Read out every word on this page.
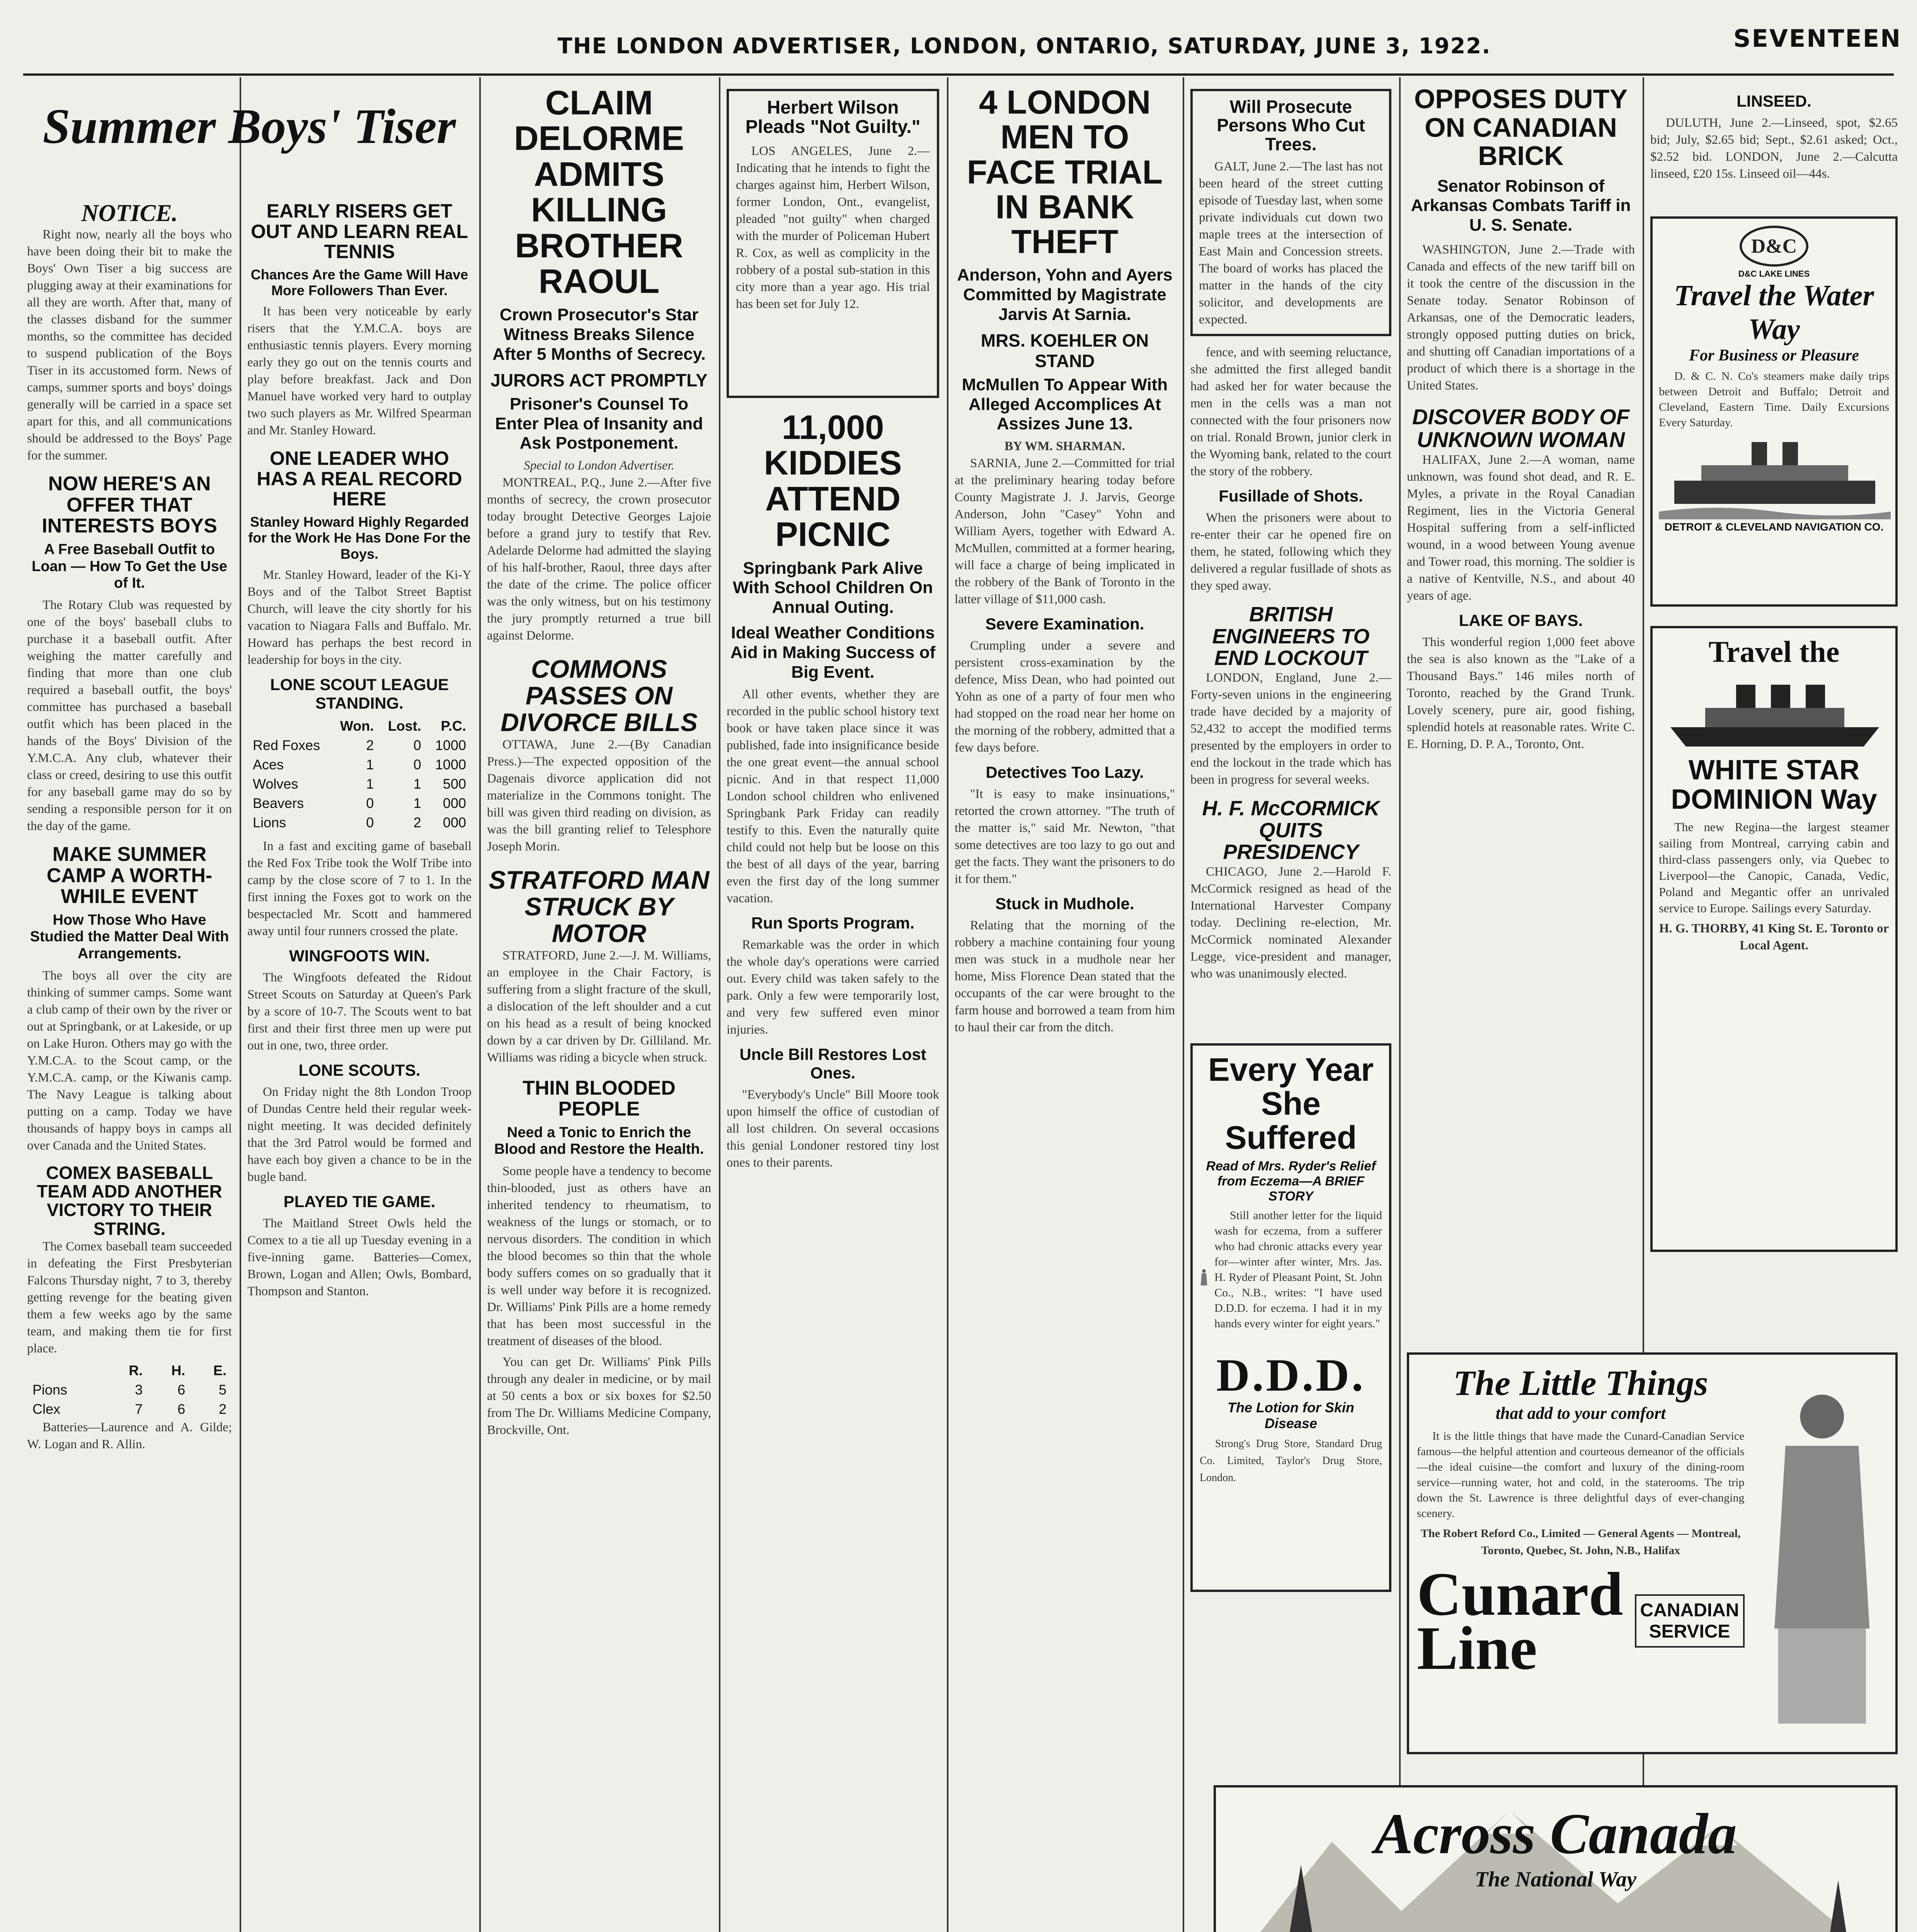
THE LONDON ADVERTISER, LONDON, ONTARIO, SATURDAY, JUNE 3, 1922.	SEVENTEEN
Summer Boys' Tiser
NOTICE.

Right now, nearly all the boys who have been doing their bit to make the Boys' Own Tiser a big success are plugging away at their examinations for all they are worth. After that, many of the classes disband for the summer months, so the committee has decided to suspend publication of the Boys Tiser in its accustomed form. News of camps, summer sports and boys' doings generally will be carried in a space set apart for this, and all communications should be addressed to the Boys' Page for the summer.

NOW HERE'S AN OFFER THAT INTERESTS BOYS
A Free Baseball Outfit to Loan — How To Get the Use of It.

The Rotary Club was requested by one of the boys' baseball clubs to purchase it a baseball outfit. After weighing the matter carefully and finding that more than one club required a baseball outfit, the boys' committee has purchased a baseball outfit which has been placed in the hands of the Boys' Division of the Y.M.C.A. Any club, whatever their class or creed, desiring to use this outfit for any baseball game may do so by sending a responsible person for it on the day of the game.

MAKE SUMMER CAMP A WORTH-WHILE EVENT
How Those Who Have Studied the Matter Deal With Arrangements.

The boys all over the city are thinking of summer camps. Some want a club camp of their own by the river or out at Springbank, or at Lakeside, or up on Lake Huron. Others may go with the Y.M.C.A. to the Scout camp, or the Y.M.C.A. camp, or the Kiwanis camp. The Navy League is talking about putting on a camp. Today we have thousands of happy boys in camps all over Canada and the United States.

COMEX BASEBALL TEAM ADD ANOTHER VICTORY TO THEIR STRING.

The Comex baseball team succeeded in defeating the First Presbyterian Falcons Thursday night, 7 to 3, thereby getting revenge for the beating given them a few weeks ago by the same team, and making them tie for first place.

	R.	H.	E.
Pions	3	6	5
Clex	7	6	2

Batteries—Laurence and A. Gilde; W. Logan and R. Allin.

EARLY RISERS GET OUT AND LEARN REAL TENNIS
Chances Are the Game Will Have More Followers Than Ever.

It has been very noticeable by early risers that the Y.M.C.A. boys are enthusiastic tennis players. Every morning early they go out on the tennis courts and play before breakfast. Jack and Don Manuel have worked very hard to outplay two such players as Mr. Wilfred Spearman and Mr. Stanley Howard.

ONE LEADER WHO HAS A REAL RECORD HERE
Stanley Howard Highly Regarded for the Work He Has Done For the Boys.

Mr. Stanley Howard, leader of the Ki-Y Boys and of the Talbot Street Baptist Church, will leave the city shortly for his vacation to Niagara Falls and Buffalo. Mr. Howard has perhaps the best record in leadership for boys in the city.

LONE SCOUT LEAGUE STANDING.
	Won.	Lost.	P.C.
Red Foxes	2	0	1000
Aces	1	0	1000
Wolves	1	1	500
Beavers	0	1	000
Lions	0	2	000

In a fast and exciting game of baseball the Red Fox Tribe took the Wolf Tribe into camp by the close score of 7 to 1. In the first inning the Foxes got to work on the bespectacled Mr. Scott and hammered away until four runners crossed the plate.

WINGFOOTS WIN.

The Wingfoots defeated the Ridout Street Scouts on Saturday at Queen's Park by a score of 10-7. The Scouts went to bat first and their first three men up were put out in one, two, three order.

LONE SCOUTS.

On Friday night the 8th London Troop of Dundas Centre held their regular week-night meeting. It was decided definitely that the 3rd Patrol would be formed and have each boy given a chance to be in the bugle band.

PLAYED TIE GAME.

The Maitland Street Owls held the Comex to a tie all up Tuesday evening in a five-inning game. Batteries—Comex, Brown, Logan and Allen; Owls, Bombard, Thompson and Stanton.

CLAIM DELORME ADMITS KILLING BROTHER RAOUL
Crown Prosecutor's Star Witness Breaks Silence After 5 Months of Secrecy.
JURORS ACT PROMPTLY
Prisoner's Counsel To Enter Plea of Insanity and Ask Postponement.
Special to London Advertiser.

MONTREAL, P.Q., June 2.—After five months of secrecy, the crown prosecutor today brought Detective Georges Lajoie before a grand jury to testify that Rev. Adelarde Delorme had admitted the slaying of his half-brother, Raoul, three days after the date of the crime. The police officer was the only witness, but on his testimony the jury promptly returned a true bill against Delorme.

COMMONS PASSES ON DIVORCE BILLS

OTTAWA, June 2.—(By Canadian Press.)—The expected opposition of the Dagenais divorce application did not materialize in the Commons tonight. The bill was given third reading on division, as was the bill granting relief to Telesphore Joseph Morin.

STRATFORD MAN STRUCK BY MOTOR

STRATFORD, June 2.—J. M. Williams, an employee in the Chair Factory, is suffering from a slight fracture of the skull, a dislocation of the left shoulder and a cut on his head as a result of being knocked down by a car driven by Dr. Gilliland. Mr. Williams was riding a bicycle when struck.

THIN BLOODED PEOPLE
Need a Tonic to Enrich the Blood and Restore the Health.

Some people have a tendency to become thin-blooded, just as others have an inherited tendency to rheumatism, to weakness of the lungs or stomach, or to nervous disorders. The condition in which the blood becomes so thin that the whole body suffers comes on so gradually that it is well under way before it is recognized. Dr. Williams' Pink Pills are a home remedy that has been most successful in the treatment of diseases of the blood.

You can get Dr. Williams' Pink Pills through any dealer in medicine, or by mail at 50 cents a box or six boxes for $2.50 from The Dr. Williams Medicine Company, Brockville, Ont.

Herbert Wilson Pleads "Not Guilty."

LOS ANGELES, June 2.—Indicating that he intends to fight the charges against him, Herbert Wilson, former London, Ont., evangelist, pleaded "not guilty" when charged with the murder of Policeman Hubert R. Cox, as well as complicity in the robbery of a postal sub-station in this city more than a year ago. His trial has been set for July 12.

11,000 KIDDIES ATTEND PICNIC
Springbank Park Alive With School Children On Annual Outing.
Ideal Weather Conditions Aid in Making Success of Big Event.

All other events, whether they are recorded in the public school history text book or have taken place since it was published, fade into insignificance beside the one great event—the annual school picnic. And in that respect 11,000 London school children who enlivened Springbank Park Friday can readily testify to this. Even the naturally quite child could not help but be loose on this the best of all days of the year, barring even the first day of the long summer vacation.

Run Sports Program.

Remarkable was the order in which the whole day's operations were carried out. Every child was taken safely to the park. Only a few were temporarily lost, and very few suffered even minor injuries.

Uncle Bill Restores Lost Ones.

"Everybody's Uncle" Bill Moore took upon himself the office of custodian of all lost children. On several occasions this genial Londoner restored tiny lost ones to their parents.

4 LONDON MEN TO FACE TRIAL IN BANK THEFT
Anderson, Yohn and Ayers Committed by Magistrate Jarvis At Sarnia.
MRS. KOEHLER ON STAND
McMullen To Appear With Alleged Accomplices At Assizes June 13.
BY WM. SHARMAN.

SARNIA, June 2.—Committed for trial at the preliminary hearing today before County Magistrate J. J. Jarvis, George Anderson, John "Casey" Yohn and William Ayers, together with Edward A. McMullen, committed at a former hearing, will face a charge of being implicated in the robbery of the Bank of Toronto in the latter village of $11,000 cash.

Severe Examination.

Crumpling under a severe and persistent cross-examination by the defence, Miss Dean, who had pointed out Yohn as one of a party of four men who had stopped on the road near her home on the morning of the robbery, admitted that a few days before.

Detectives Too Lazy.

"It is easy to make insinuations," retorted the crown attorney. "The truth of the matter is," said Mr. Newton, "that some detectives are too lazy to go out and get the facts. They want the prisoners to do it for them."

Stuck in Mudhole.

Relating that the morning of the robbery a machine containing four young men was stuck in a mudhole near her home, Miss Florence Dean stated that the occupants of the car were brought to the farm house and borrowed a team from him to haul their car from the ditch.

Will Prosecute Persons Who Cut Trees.

GALT, June 2.—The last has not been heard of the street cutting episode of Tuesday last, when some private individuals cut down two maple trees at the intersection of East Main and Concession streets. The board of works has placed the matter in the hands of the city solicitor, and developments are expected.

fence, and with seeming reluctance, she admitted the first alleged bandit had asked her for water because the men in the cells was a man not connected with the four prisoners now on trial. Ronald Brown, junior clerk in the Wyoming bank, related to the court the story of the robbery.

Fusillade of Shots.

When the prisoners were about to re-enter their car he opened fire on them, he stated, following which they delivered a regular fusillade of shots as they sped away.

BRITISH ENGINEERS TO END LOCKOUT

LONDON, England, June 2.—Forty-seven unions in the engineering trade have decided by a majority of 52,432 to accept the modified terms presented by the employers in order to end the lockout in the trade which has been in progress for several weeks.

H. F. McCORMICK QUITS PRESIDENCY

CHICAGO, June 2.—Harold F. McCormick resigned as head of the International Harvester Company today. Declining re-election, Mr. McCormick nominated Alexander Legge, vice-president and manager, who was unanimously elected.

Every Year
She Suffered
Read of Mrs. Ryder's Relief from Eczema—A BRIEF STORY

Still another letter for the liquid wash for eczema, from a sufferer who had chronic attacks every year for—winter after winter, Mrs. Jas. H. Ryder of Pleasant Point, St. John Co., N.B., writes: "I have used D.D.D. for eczema. I had it in my hands every winter for eight years."

D.D.D.
The Lotion for Skin Disease

Strong's Drug Store, Standard Drug Co. Limited, Taylor's Drug Store, London.

OPPOSES DUTY ON CANADIAN BRICK
Senator Robinson of Arkansas Combats Tariff in U. S. Senate.

WASHINGTON, June 2.—Trade with Canada and effects of the new tariff bill on it took the centre of the discussion in the Senate today. Senator Robinson of Arkansas, one of the Democratic leaders, strongly opposed putting duties on brick, and shutting off Canadian importations of a product of which there is a shortage in the United States.

DISCOVER BODY OF UNKNOWN WOMAN

HALIFAX, June 2.—A woman, name unknown, was found shot dead, and R. E. Myles, a private in the Royal Canadian Regiment, lies in the Victoria General Hospital suffering from a self-inflicted wound, in a wood between Young avenue and Tower road, this morning. The soldier is a native of Kentville, N.S., and about 40 years of age.

LAKE OF BAYS.

This wonderful region 1,000 feet above the sea is also known as the "Lake of a Thousand Bays." 146 miles north of Toronto, reached by the Grand Trunk. Lovely scenery, pure air, good fishing, splendid hotels at reasonable rates. Write C. E. Horning, D. P. A., Toronto, Ont.

LINSEED.

DULUTH, June 2.—Linseed, spot, $2.65 bid; July, $2.65 bid; Sept., $2.61 asked; Oct., $2.52 bid. LONDON, June 2.—Calcutta linseed, £20 15s. Linseed oil—44s.

D&C
D&C LAKE LINES
Travel the Water Way
For Business or Pleasure

D. & C. N. Co's steamers make daily trips between Detroit and Buffalo; Detroit and Cleveland, Eastern Time. Daily Excursions Every Saturday.

DETROIT & CLEVELAND NAVIGATION CO.
Travel the
WHITE STAR
DOMINION Way

The new Regina—the largest steamer sailing from Montreal, carrying cabin and third-class passengers only, via Quebec to Liverpool—the Canopic, Canada, Vedic, Poland and Megantic offer an unrivaled service to Europe. Sailings every Saturday.

H. G. THORBY, 41 King St. E. Toronto or Local Agent.
The Little Things
that add to your comfort

It is the little things that have made the Cunard-Canadian Service famous—the helpful attention and courteous demeanor of the officials—the ideal cuisine—the comfort and luxury of the dining-room service—running water, hot and cold, in the staterooms. The trip down the St. Lawrence is three delightful days of ever-changing scenery.

The Robert Reford Co., Limited — General Agents — Montreal, Toronto, Quebec, St. John, N.B., Halifax
Cunard
Line
CANADIAN
SERVICE
Across Canada
The National Way
